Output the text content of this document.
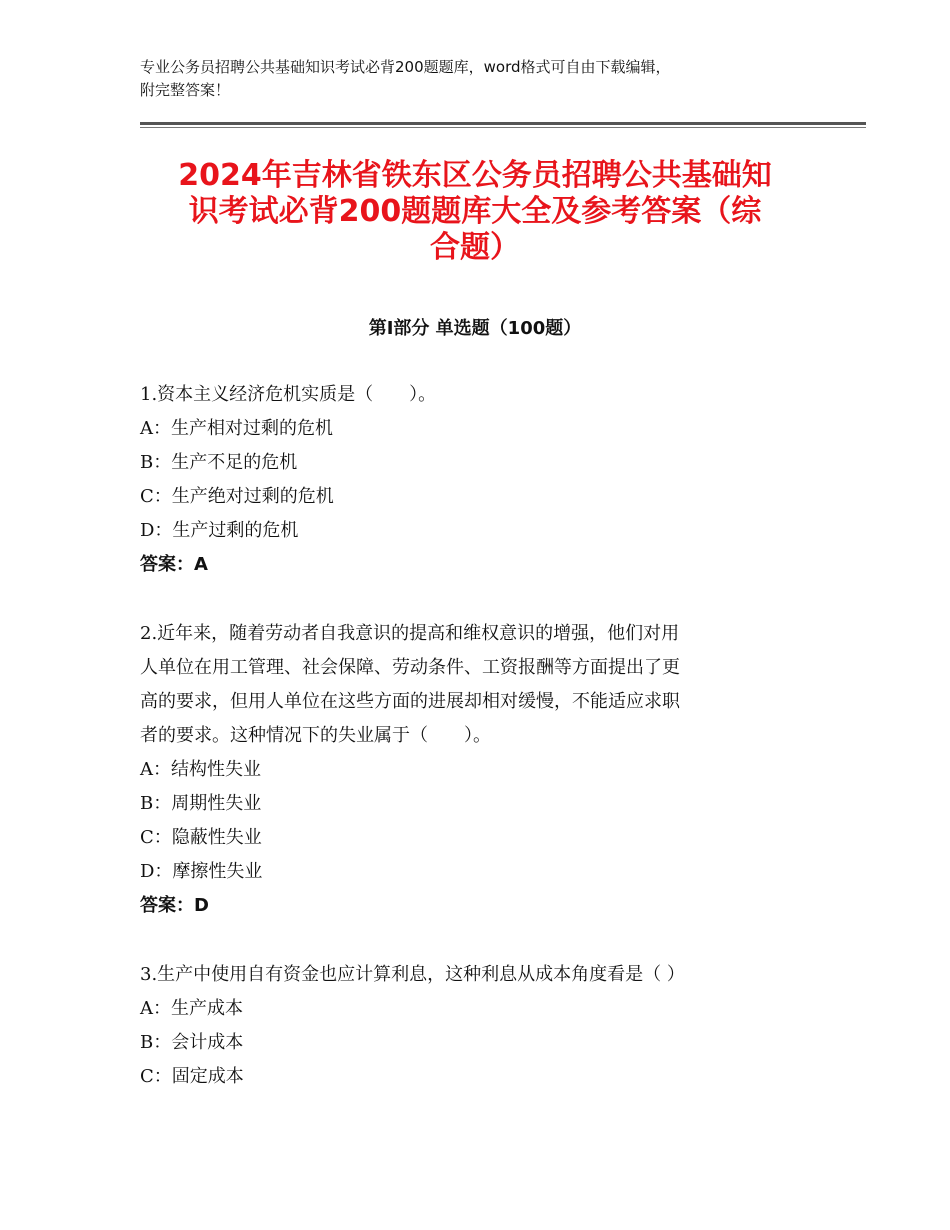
专业公务员招聘公共基础知识考试必背200题题库，word格式可自由下载编辑，
附完整答案！
2024年吉林省铁东区公务员招聘公共基础知
识考试必背200题题库大全及参考答案（综
合题）
第Ⅰ部分 单选题（100题）
1.资本主义经济危机实质是（　　）。
A：生产相对过剩的危机
B：生产不足的危机
C：生产绝对过剩的危机
D：生产过剩的危机
答案：A
2.近年来，随着劳动者自我意识的提高和维权意识的增强，他们对用
人单位在用工管理、社会保障、劳动条件、工资报酬等方面提出了更
高的要求，但用人单位在这些方面的进展却相对缓慢，不能适应求职
者的要求。这种情况下的失业属于（　　）。
A：结构性失业
B：周期性失业
C：隐蔽性失业
D：摩擦性失业
答案：D
3.生产中使用自有资金也应计算利息，这种利息从成本角度看是（ ）
A：生产成本
B：会计成本
C：固定成本
